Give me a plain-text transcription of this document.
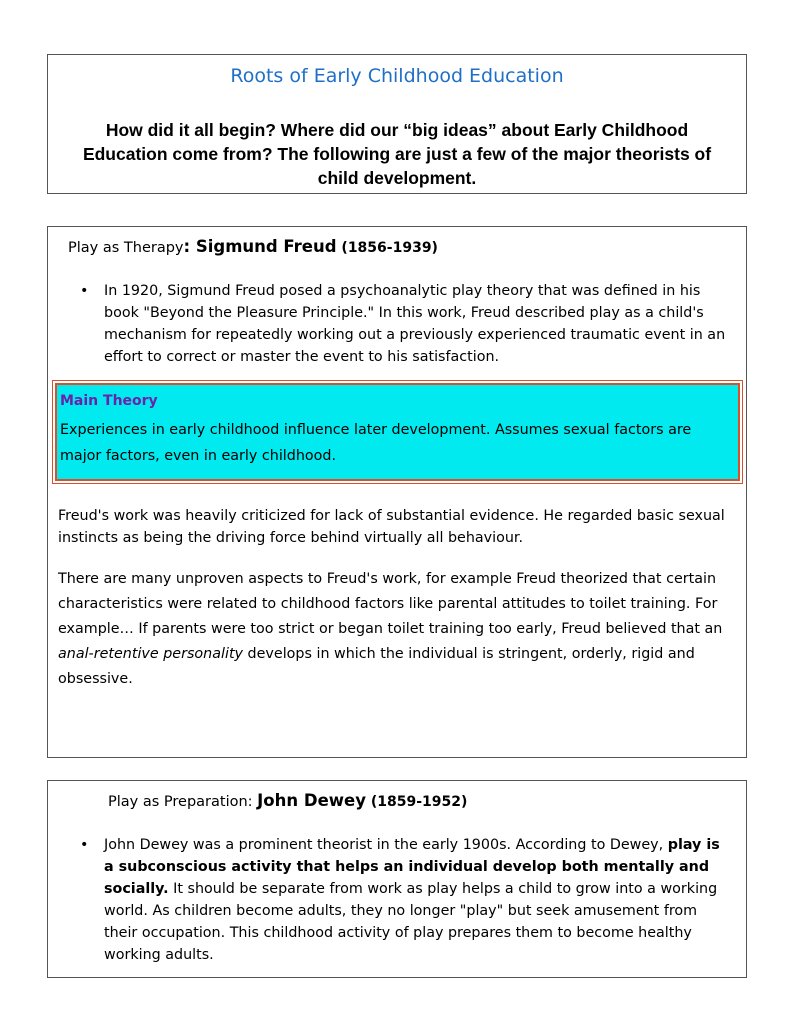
Roots of Early Childhood Education
How did it all begin? Where did our “big ideas” about Early Childhood Education come from? The following are just a few of the major theorists of child development.
Play as Therapy: Sigmund Freud (1856-1939)
• In 1920, Sigmund Freud posed a psychoanalytic play theory that was defined in his book "Beyond the Pleasure Principle." In this work, Freud described play as a child's mechanism for repeatedly working out a previously experienced traumatic event in an effort to correct or master the event to his satisfaction.
Main Theory
Experiences in early childhood influence later development. Assumes sexual factors are major factors, even in early childhood.
Freud's work was heavily criticized for lack of substantial evidence. He regarded basic sexual instincts as being the driving force behind virtually all behaviour.
There are many unproven aspects to Freud's work, for example Freud theorized that certain characteristics were related to childhood factors like parental attitudes to toilet training. For example… If parents were too strict or began toilet training too early, Freud believed that an anal-retentive personality develops in which the individual is stringent, orderly, rigid and obsessive.
Play as Preparation: John Dewey (1859-1952)
• John Dewey was a prominent theorist in the early 1900s. According to Dewey, play is a subconscious activity that helps an individual develop both mentally and socially. It should be separate from work as play helps a child to grow into a working world. As children become adults, they no longer "play" but seek amusement from their occupation. This childhood activity of play prepares them to become healthy working adults.
